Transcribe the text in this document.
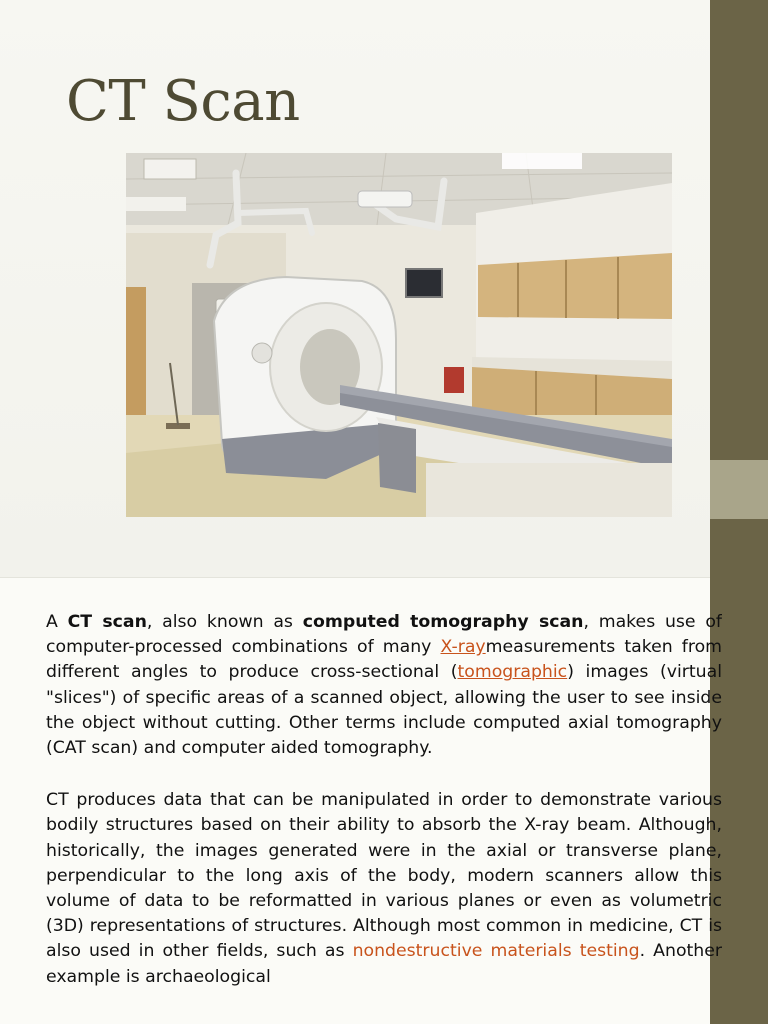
CT Scan

A CT scan, also known as computed tomography scan, makes use of computer-processed combinations of many X-raymeasurements taken from different angles to produce cross-sectional (tomographic) images (virtual "slices") of specific areas of a scanned object, allowing the user to see inside the object without cutting. Other terms include computed axial tomography (CAT scan) and computer aided tomography.

CT produces data that can be manipulated in order to demonstrate various bodily structures based on their ability to absorb the X-ray beam. Although, historically, the images generated were in the axial or transverse plane, perpendicular to the long axis of the body, modern scanners allow this volume of data to be reformatted in various planes or even as volumetric (3D) representations of structures. Although most common in medicine, CT is also used in other fields, such as nondestructive materials testing. Another example is archaeological
